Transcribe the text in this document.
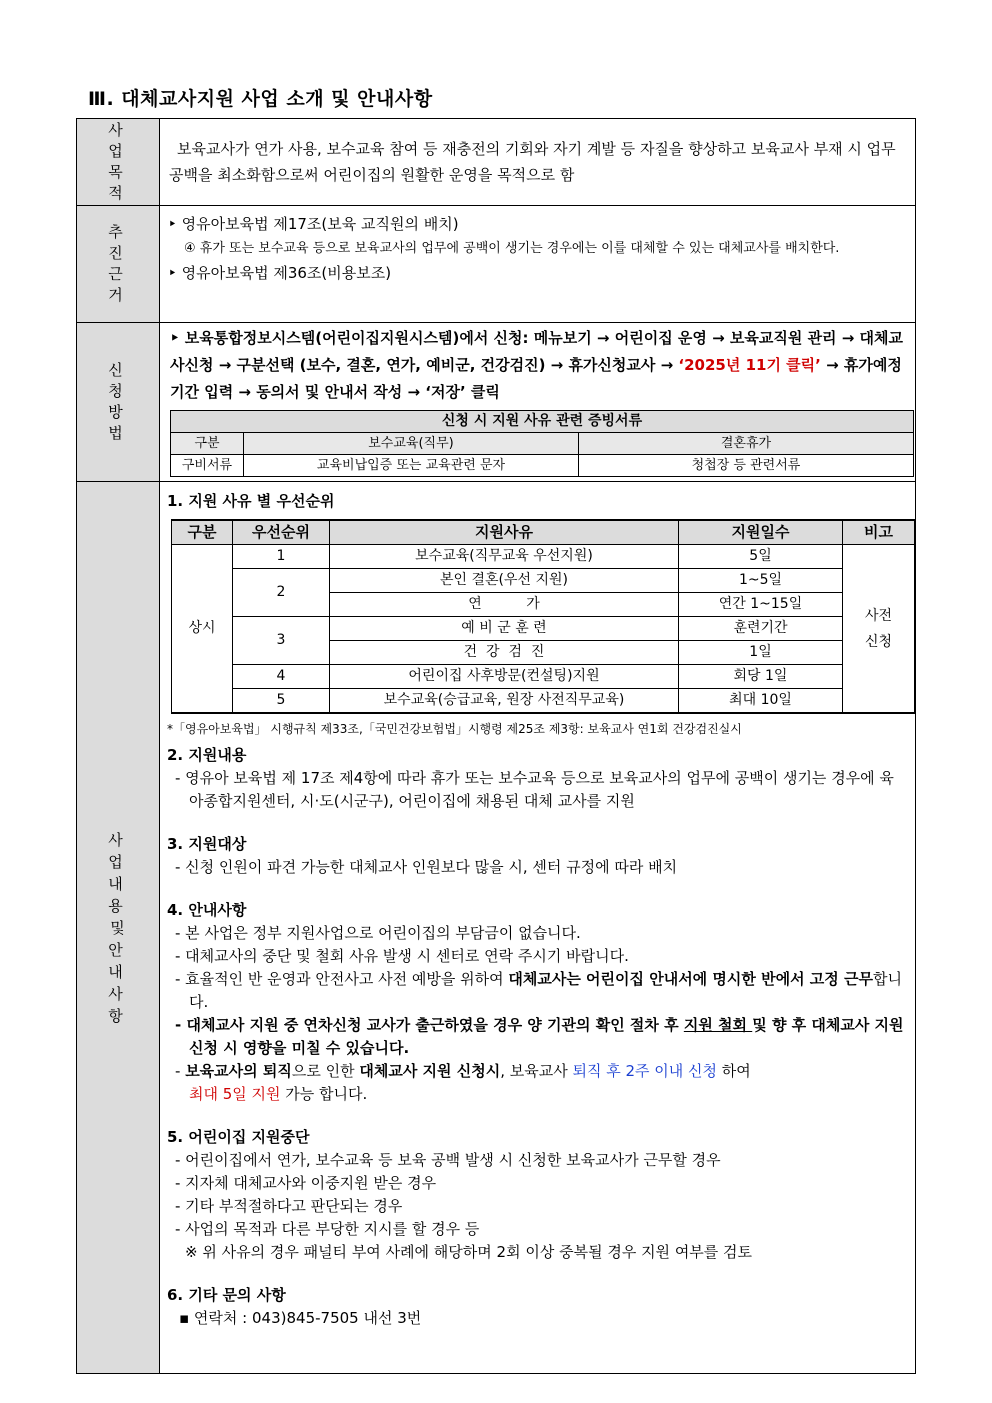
Ⅲ. 대체교사지원 사업 소개 및 안내사항
사 업
목 적
	보육교사가 연가 사용, 보수교육 참여 등 재충전의 기회와 자기 계발 등 자질을 향상하고 보육교사 부재 시 업무 공백을 최소화함으로써 어린이집의 원활한 운영을 목적으로 함

추 진
근 거

‣ 영유아보육법 제17조(보육 교직원의 배치)
④ 휴가 또는 보수교육 등으로 보육교사의 업무에 공백이 생기는 경우에는 이를 대체할 수 있는 대체교사를 배치한다.
‣ 영유아보육법 제36조(비용보조)

신 청
방 법

‣ 보육통합정보시스템(어린이집지원시스템)에서 신청: 메뉴보기 → 어린이집 운영 → 보육교직원 관리 → 대체교사신청 → 구분선택 (보수, 결혼, 연가, 예비군, 건강검진) → 휴가신청교사 → ‘2025년 11기 클릭’ → 휴가예정기간 입력 → 동의서 및 안내서 작성 → ‘저장’ 클릭
신청 시 지원 사유 관련 증빙서류
구분	보수교육(직무)	결혼휴가
구비서류	교육비납입증 또는 교육관련 문자	청첩장 등 관련서류

사 업
내 용
및
안 내
사 항

1. 지원 사유 별 우선순위
구분	우선순위	지원사유	지원일수	비고
상시	1	보수교육(직무교육 우선지원)	5일	사전
신청
2	본인 결혼(우선 지원)	1~5일
연          가	연간 1~15일
3	예 비 군 훈 련	훈련기간
건  강  검  진	1일
4	어린이집 사후방문(컨설팅)지원	회당 1일
5	보수교육(승급교육, 원장 사전직무교육)	최대 10일
*「영유아보육법」 시행규칙 제33조,「국민건강보험법」시행령 제25조 제3항: 보육교사 연1회 건강검진실시
2. 지원내용
- 영유아 보육법 제 17조 제4항에 따라 휴가 또는 보수교육 등으로 보육교사의 업무에 공백이 생기는 경우에 육아종합지원센터, 시·도(시군구), 어린이집에 채용된 대체 교사를 지원
3. 지원대상
- 신청 인원이 파견 가능한 대체교사 인원보다 많을 시, 센터 규정에 따라 배치
4. 안내사항
- 본 사업은 정부 지원사업으로 어린이집의 부담금이 없습니다.
- 대체교사의 중단 및 철회 사유 발생 시 센터로 연락 주시기 바랍니다.
- 효율적인 반 운영과 안전사고 사전 예방을 위하여 대체교사는 어린이집 안내서에 명시한 반에서 고정 근무합니다.
- 대체교사 지원 중 연차신청 교사가 출근하였을 경우 양 기관의 확인 절차 후 지원 철회 및 향 후 대체교사 지원 신청 시 영향을 미칠 수 있습니다.
- 보육교사의 퇴직으로 인한 대체교사 지원 신청시, 보육교사 퇴직 후 2주 이내 신청 하여
최대 5일 지원 가능 합니다.
5. 어린이집 지원중단
- 어린이집에서 연가, 보수교육 등 보육 공백 발생 시 신청한 보육교사가 근무할 경우
- 지자체 대체교사와 이중지원 받은 경우
- 기타 부적절하다고 판단되는 경우
- 사업의 목적과 다른 부당한 지시를 할 경우 등
※ 위 사유의 경우 패널티 부여 사례에 해당하며 2회 이상 중복될 경우 지원 여부를 검토
6. 기타 문의 사항
▪ 연락처 : 043)845-7505 내선 3번
